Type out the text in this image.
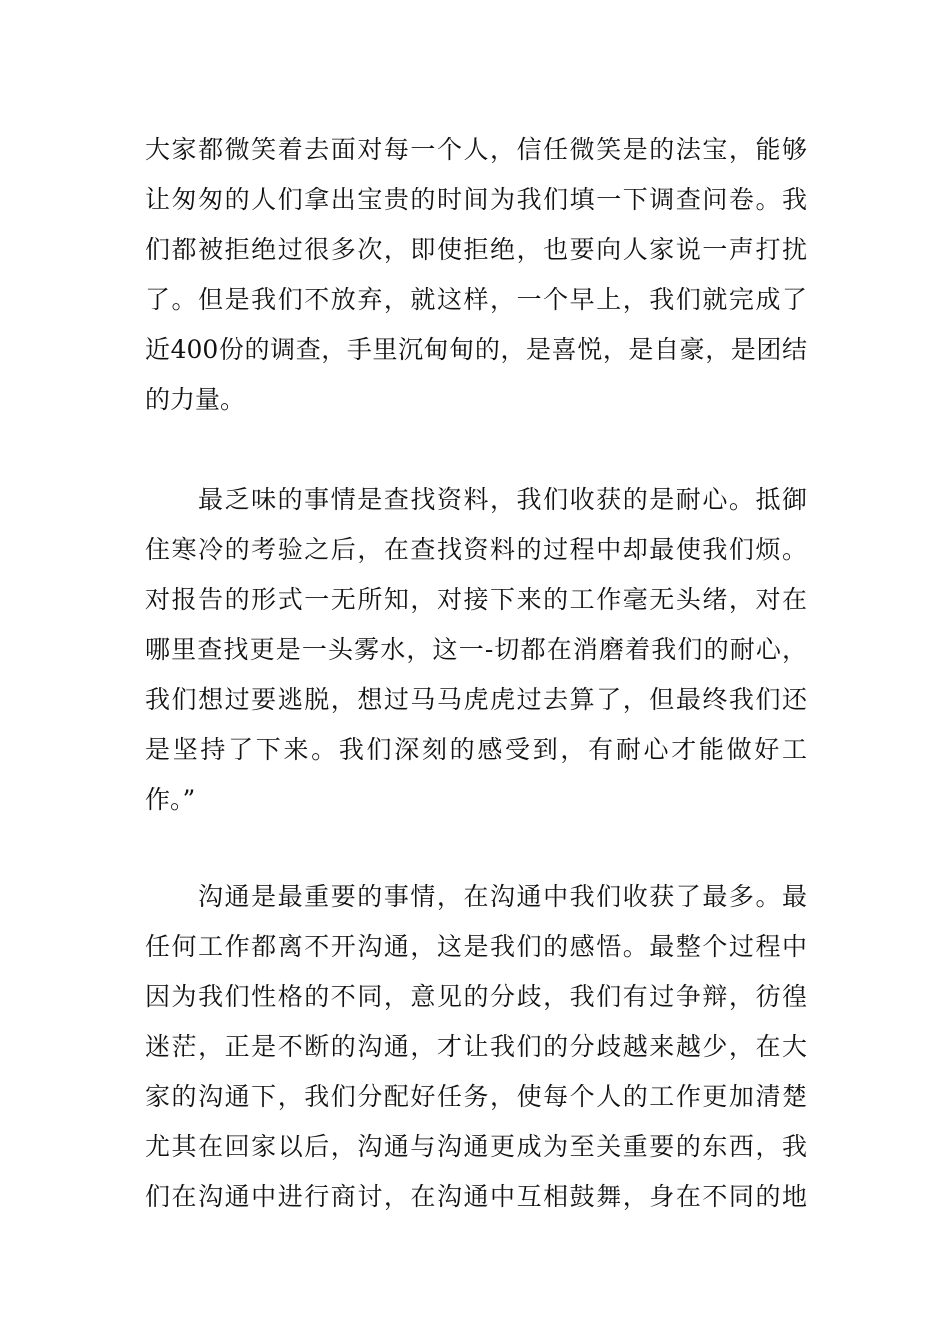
大家都微笑着去面对每一个人，信任微笑是的法宝，能够
让匆匆的人们拿出宝贵的时间为我们填一下调查问卷。我
们都被拒绝过很多次，即使拒绝，也要向人家说一声打扰
了。但是我们不放弃，就这样，一个早上，我们就完成了
近400份的调查，手里沉甸甸的，是喜悦，是自豪，是团结
的力量。
最乏味的事情是查找资料，我们收获的是耐心。抵御
住寒冷的考验之后，在查找资料的过程中却最使我们烦。
对报告的形式一无所知，对接下来的工作毫无头绪，对在
哪里查找更是一头雾水，这一-切都在消磨着我们的耐心，
我们想过要逃脱，想过马马虎虎过去算了，但最终我们还
是坚持了下来。我们深刻的感受到，有耐心才能做好工
作。”
沟通是最重要的事情，在沟通中我们收获了最多。最
任何工作都离不开沟通，这是我们的感悟。最整个过程中
因为我们性格的不同，意见的分歧，我们有过争辩，彷徨
迷茫，正是不断的沟通，才让我们的分歧越来越少，在大
家的沟通下，我们分配好任务，使每个人的工作更加清楚
尤其在回家以后，沟通与沟通更成为至关重要的东西，我
们在沟通中进行商讨，在沟通中互相鼓舞，身在不同的地
